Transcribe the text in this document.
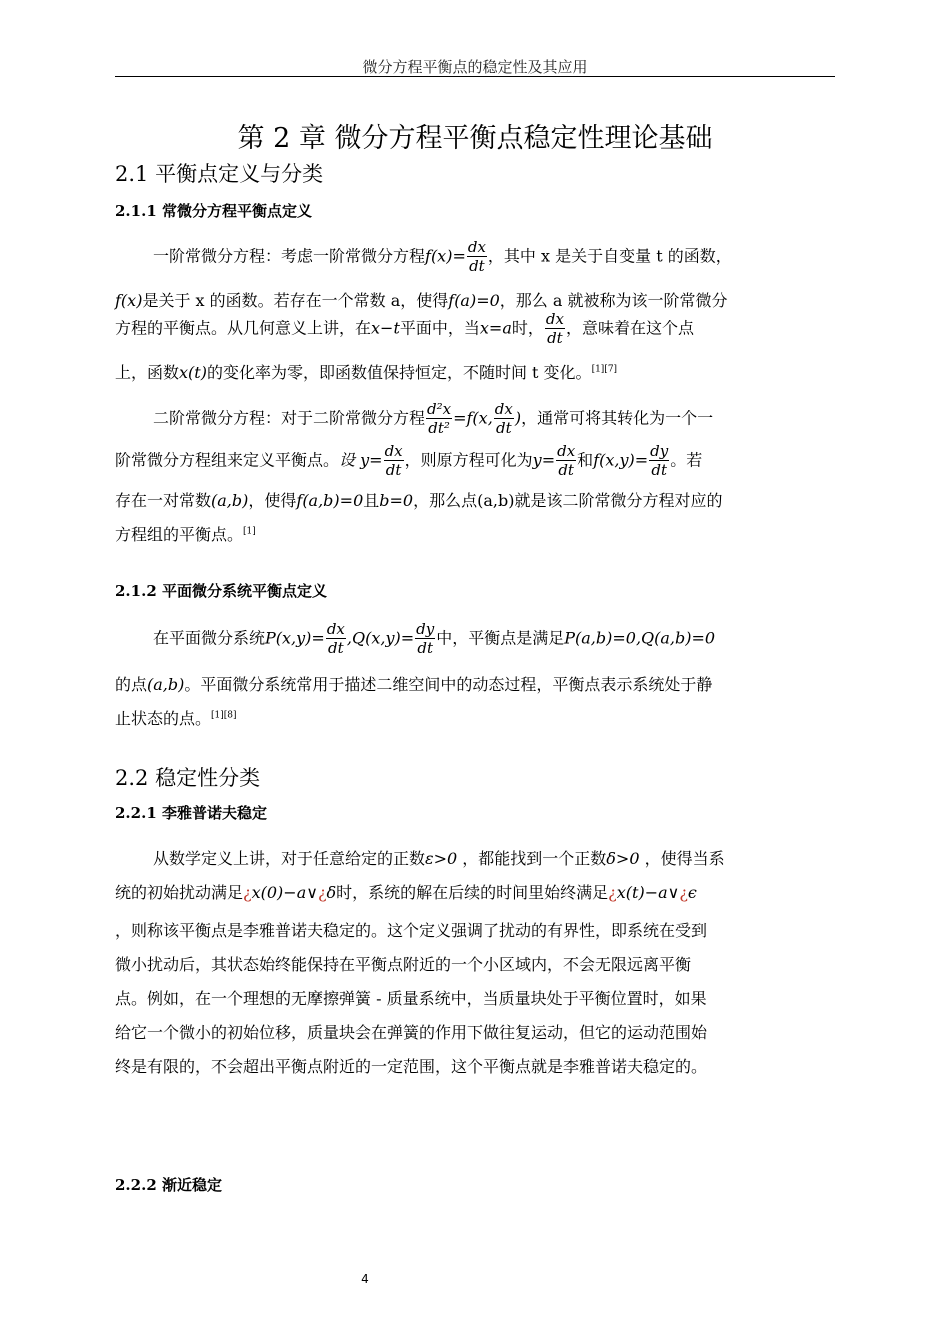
微分方程平衡点的稳定性及其应用
第 2 章 微分方程平衡点稳定性理论基础
2.1 平衡点定义与分类
2.1.1 常微分方程平衡点定义
一阶常微分方程：考虑一阶常微分方程$f(x)= \frac{dx}{dt}$ ，其中 x 是关于自变量 t 的函数，
f(x)是关于 x 的函数。若存在一个常数 a，使得f(a)=0，那么 a 就被称为该一阶常微分
方程的平衡点。从几何意义上讲，在x−t平面中，当x=a时， $\frac{dx}{dt}$ ，意味着在这个点
上，函数x(t)的变化率为零，即函数值保持恒定，不随时间 t 变化。[1][7]
二阶常微分方程：对于二阶常微分方程 $\frac{\text{d²x}}{\text{dt²}} =f(x$, $\frac{dx}{dt}$ )，通常可将其转化为一个一
阶常微分方程组来定义平衡点。设 $y= \frac{dx}{dt}$ ，则原方程可化为$y= \frac{dx}{dt}$ 和$f(x,y)= \frac{dy}{dt}$ 。若
存在一对常数(a,b)，使得f(a,b)=0且b=0，那么点(a,b)就是该二阶常微分方程对应的
方程组的平衡点。[1]
2.1.2 平面微分系统平衡点定义
在平面微分系统$P(x,y)= \frac{dx}{dt} ,Q(x,y)= \frac{dy}{dt}$ 中，平衡点是满足P(a,b)=0,Q(a,b)=0
的点(a,b)。平面微分系统常用于描述二维空间中的动态过程，平衡点表示系统处于静
止状态的点。[1][8]
2.2 稳定性分类
2.2.1 李雅普诺夫稳定
从数学定义上讲，对于任意给定的正数ε>0 ，都能找到一个正数δ>0 ，使得当系
统的初始扰动满足¿x(0)−a∨¿δ时，系统的解在后续的时间里始终满足¿x(t)−a∨¿ϵ
，则称该平衡点是李雅普诺夫稳定的。这个定义强调了扰动的有界性，即系统在受到
微小扰动后，其状态始终能保持在平衡点附近的一个小区域内，不会无限远离平衡
点。例如，在一个理想的无摩擦弹簧 - 质量系统中，当质量块处于平衡位置时，如果
给它一个微小的初始位移，质量块会在弹簧的作用下做往复运动，但它的运动范围始
终是有限的，不会超出平衡点附近的一定范围，这个平衡点就是李雅普诺夫稳定的。
2.2.2 渐近稳定
4
